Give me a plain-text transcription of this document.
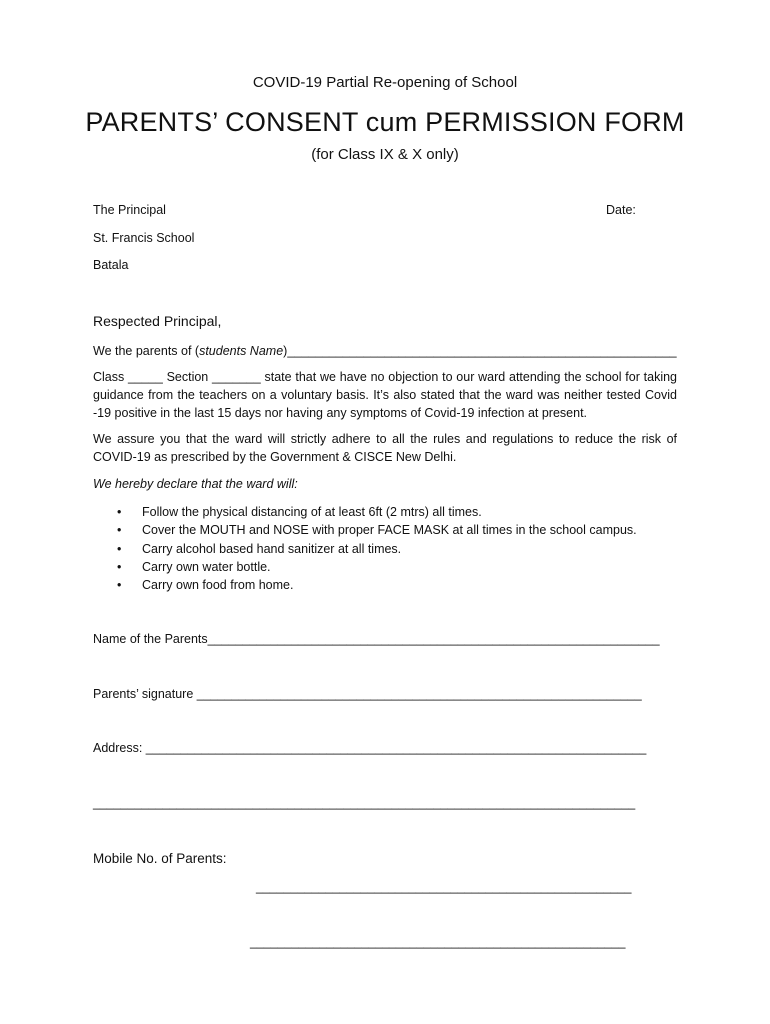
COVID-19 Partial Re-opening of School
PARENTS’ CONSENT cum PERMISSION FORM
(for Class IX & X only)
The Principal	Date:
St. Francis School
Batala
Respected Principal,
We the parents of (students Name)________________________________________________________
Class _____ Section _______ state that we have no objection to our ward attending the school for taking guidance from the teachers on a voluntary basis. It’s also stated that the ward was neither tested Covid -19 positive in the last 15 days nor having any symptoms of Covid-19 infection at present.
We assure you that the ward will strictly adhere to all the rules and regulations to reduce the risk of COVID-19 as prescribed by the Government & CISCE New Delhi.
We hereby declare that the ward will:
• Follow the physical distancing of at least 6ft (2 mtrs) all times.
• Cover the MOUTH and NOSE with proper FACE MASK at all times in the school campus.
• Carry alcohol based hand sanitizer at all times.
• Carry own water bottle.
• Carry own food from home.
Name of the Parents_________________________________________________________________
Parents’ signature ________________________________________________________________
Address: ________________________________________________________________________
______________________________________________________________________________
Mobile No. of Parents:
______________________________________________________
______________________________________________________
